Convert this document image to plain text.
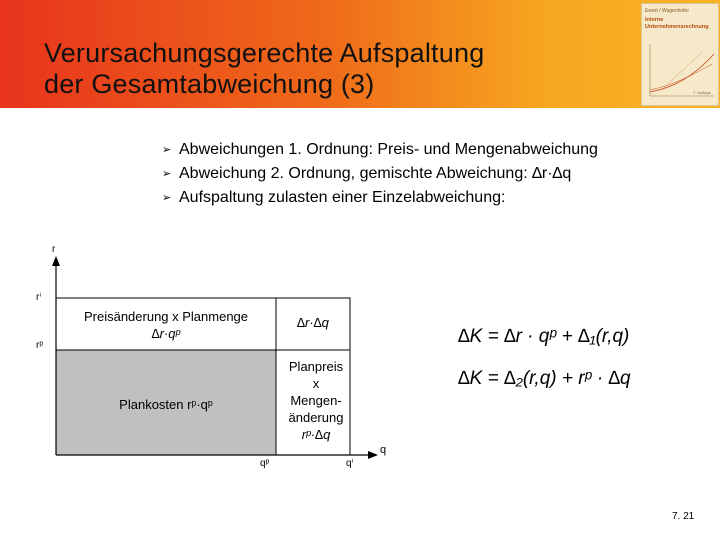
Verursachungsgerechte Aufspaltung
der Gesamtabweichung (3)
Ewert / Wagenhofer
Interne
Unternehmensrechnung
7. Auflage
➢ Abweichungen 1. Ordnung: Preis- und Mengenabweichung
➢ Abweichung 2. Ordnung, gemischte Abweichung: ∆r·∆q
➢ Aufspaltung zulasten einer Einzelabweichung:
r
rⁱ
rᵖ
qᵖ	qⁱ
q
Preisänderung x Planmenge
∆r·qᵖ
∆r·∆q
Plankosten rᵖ·qᵖ
Planpreis
x
Mengen-
änderung
rᵖ·∆q
∆K = ∆r · qᵖ + ∆₁(r,q)
∆K = ∆₂(r,q) + rᵖ · ∆q
7. 21
